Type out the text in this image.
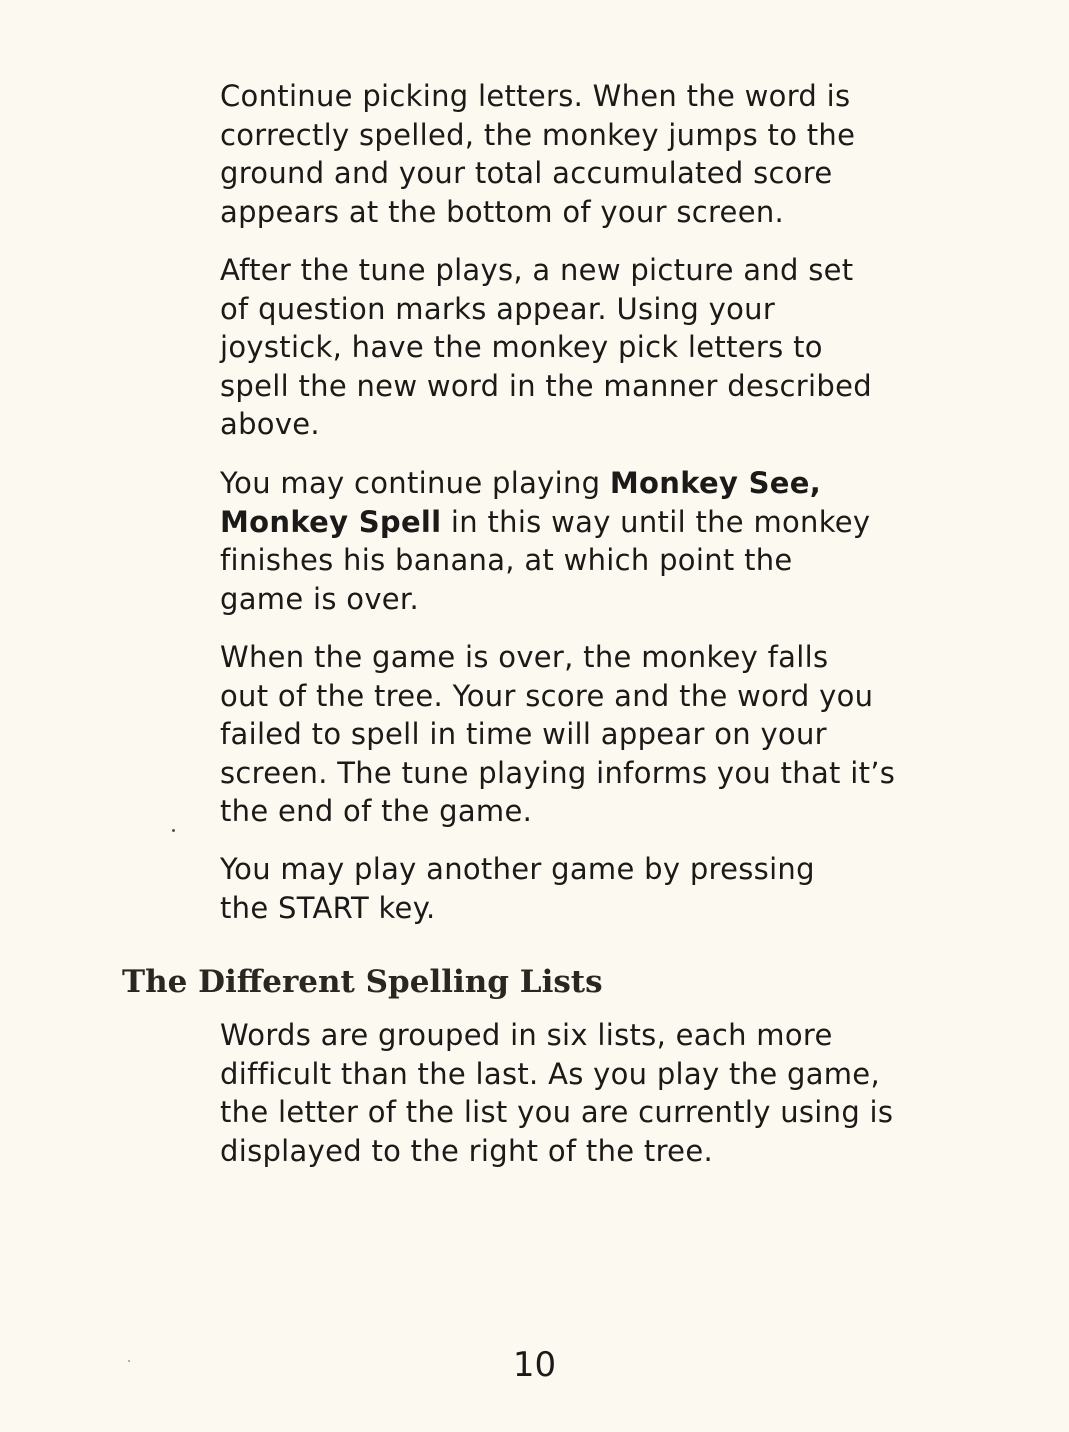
Continue picking letters. When the word is
correctly spelled, the monkey jumps to the
ground and your total accumulated score
appears at the bottom of your screen.

After the tune plays, a new picture and set
of question marks appear. Using your
joystick, have the monkey pick letters to
spell the new word in the manner described
above.

You may continue playing Monkey See,
Monkey Spell in this way until the monkey
finishes his banana, at which point the
game is over.

When the game is over, the monkey falls
out of the tree. Your score and the word you
failed to spell in time will appear on your
screen. The tune playing informs you that it’s
the end of the game.

You may play another game by pressing
the START key.

The Different Spelling Lists

Words are grouped in six lists, each more
difficult than the last. As you play the game,
the letter of the list you are currently using is
displayed to the right of the tree.

10
